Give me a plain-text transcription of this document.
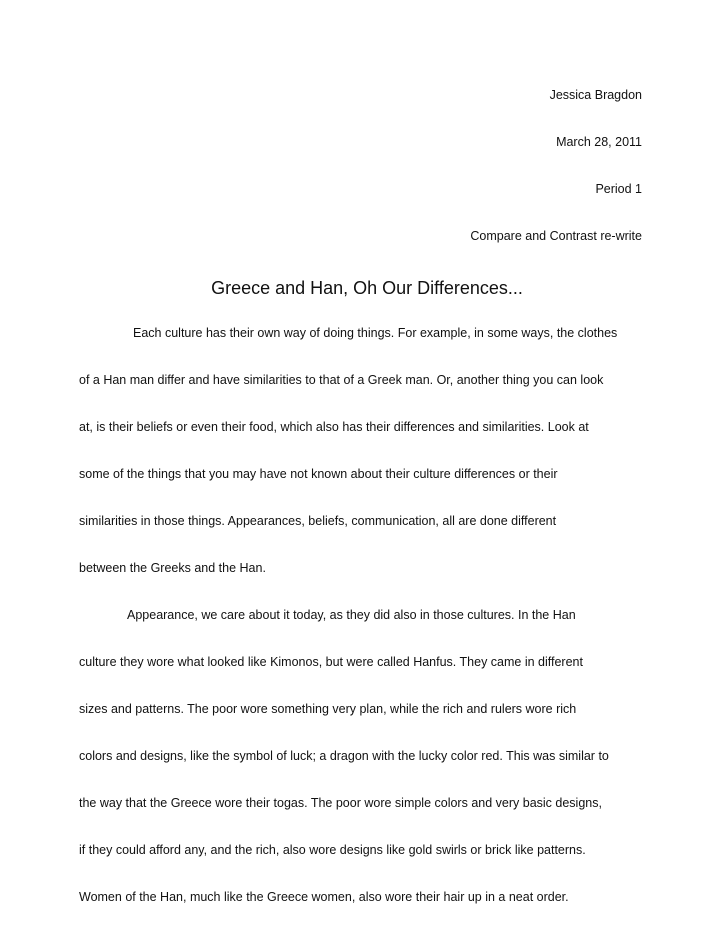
Jessica Bragdon
March 28, 2011
Period 1
Compare and Contrast re-write
Greece and Han, Oh Our Differences...
Each culture has their own way of doing things. For example, in some ways, the clothes
of a Han man differ and have similarities to that of a Greek man. Or, another thing you can look
at, is their beliefs or even their food, which also has their differences and similarities. Look at
some of the things that you may have not known about their culture differences or their
similarities in those things. Appearances, beliefs, communication, all are done different
between the Greeks and the Han.
Appearance, we care about it today, as they did also in those cultures. In the Han
culture they wore what looked like Kimonos, but were called Hanfus. They came in different
sizes and patterns. The poor wore something very plan, while the rich and rulers wore rich
colors and designs, like the symbol of luck; a dragon with the lucky color red. This was similar to
the way that the Greece wore their togas. The poor wore simple colors and very basic designs,
if they could afford any, and the rich, also wore designs like gold swirls or brick like patterns.
Women of the Han, much like the Greece women, also wore their hair up in a neat order.
